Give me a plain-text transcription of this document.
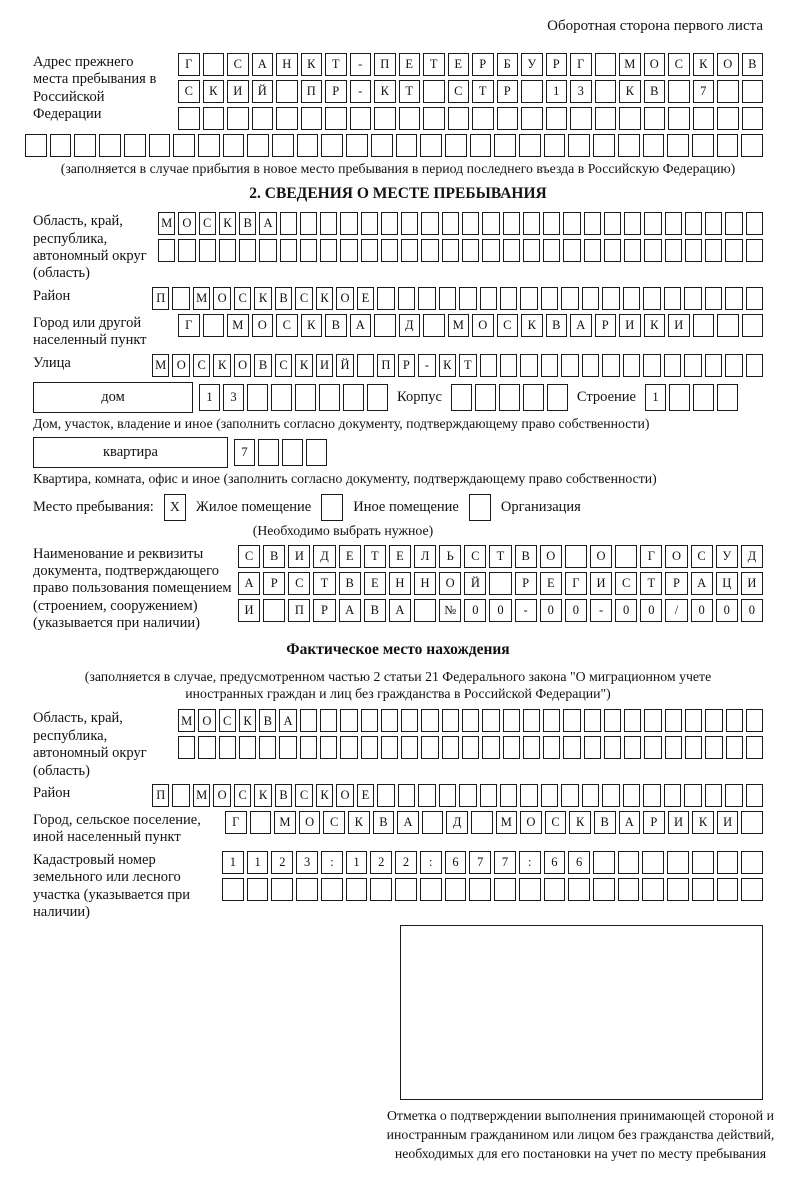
Оборотная сторона первого листа
Адрес прежнего места пребывания в Российской Федерации
Г	С	А	Н	К	Т	-	П	Е	Т	Е	Р	Б	У	Р	Г	М	О	С	К	О	В
С	К	И	Й	П	Р	-	К	Т	С	Т	Р	1	3	К	В	7
(заполняется в случае прибытия в новое место пребывания в период последнего въезда в Российскую Федерацию)
2. СВЕДЕНИЯ О МЕСТЕ ПРЕБЫВАНИЯ
Область, край, республика, автономный округ (область)
М О С К В А
Район	П	М О С К В С К О Е
Город или другой населенный пункт
Г	М	О	С	К	В	А	Д	М	О	С	К	В	А	Р	И	К	И
Улица	М О С К О В С К И Й	П Р	-	К Т
дом	1	3	Корпус	Строение	1
Дом, участок, владение и иное (заполнить согласно документу, подтверждающему право собственности)
квартира	7
Квартира, комната, офис и иное (заполнить согласно документу, подтверждающему право собственности)
Место пребывания:	X	Жилое помещение	Иное помещение	Организация
(Необходимо выбрать нужное)
Наименование и реквизиты документа, подтверждающего право пользования помещением (строением, сооружением) (указывается при наличии)
С	В	И	Д	Е	Т	Е	Л	Ь	С	Т	В	О	О	Г	О	С	У	Д
А	Р	С	Т	В	Е	Н	Н	О	Й	Р	Е	Г	И	С	Т	Р	А	Ц	И
И	П	Р	А	В	А	№	0	0	-	0	0	-	0	0	/	0	0	0
Фактическое место нахождения
(заполняется в случае, предусмотренном частью 2 статьи 21 Федерального закона "О миграционном учете иностранных граждан и лиц без гражданства в Российской Федерации")
Область, край, республика, автономный округ (область)
М О С К В А
Район	П	М О С К В С К О Е
Город, сельское поселение, иной населенный пункт
Г	М	О	С	К	В	А	Д	М	О	С	К	В	А	Р	И	К	И
Кадастровый номер земельного или лесного участка (указывается при наличии)
1	1	2	3	:	1	2	2	:	6	7	7	:	6	6
Отметка о подтверждении выполнения принимающей стороной и иностранным гражданином или лицом без гражданства действий, необходимых для его постановки на учет по месту пребывания
